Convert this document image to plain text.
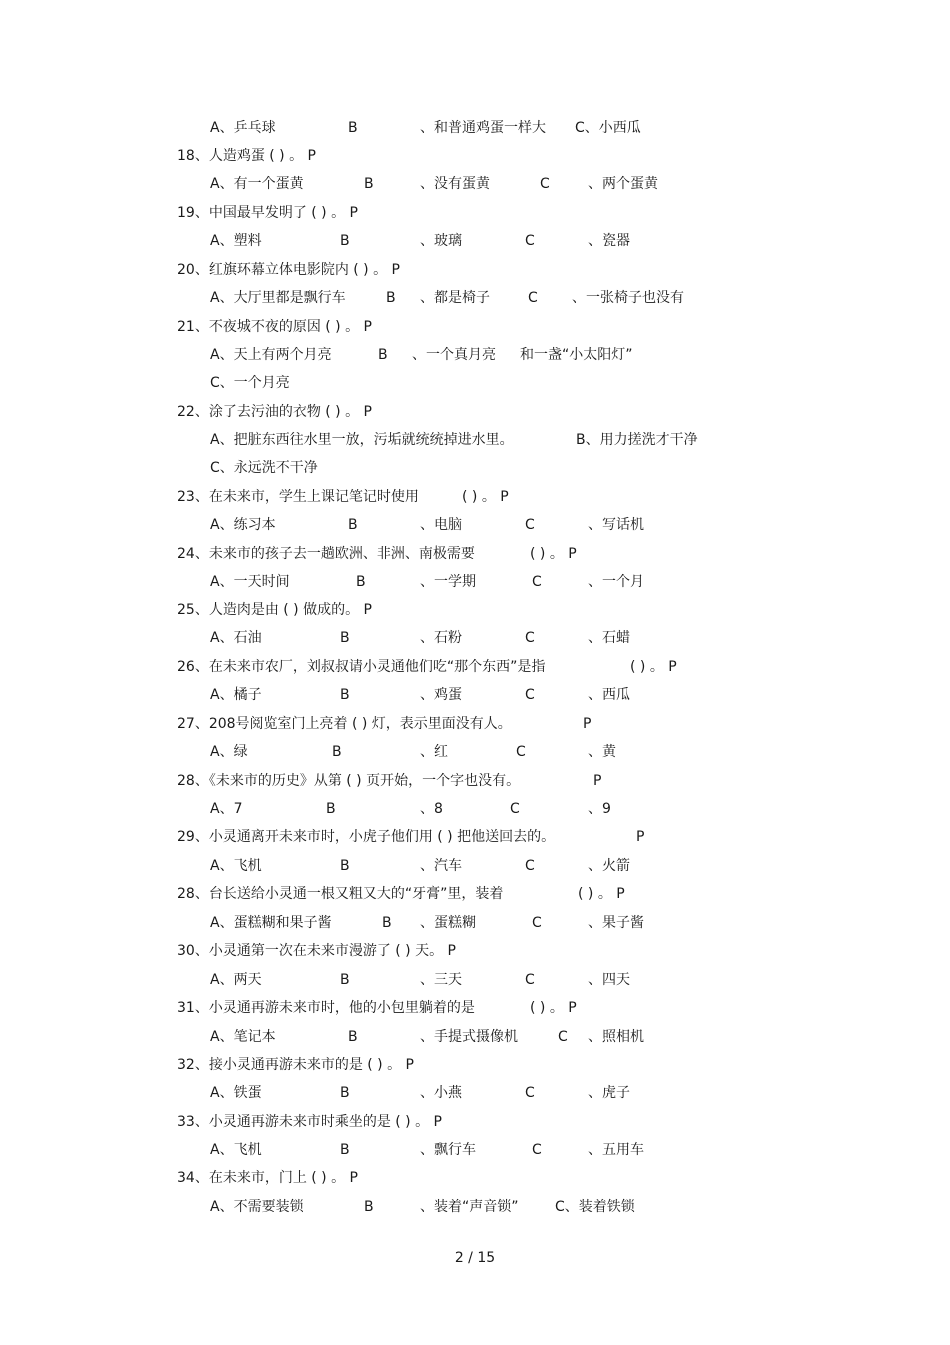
A、乒乓球	B	、和普通鸡蛋一样大 C、小西瓜
18、人造鸡蛋 ( ) 。 P
A、有一个蛋黄	B	、没有蛋黄	C	、两个蛋黄
19、中国最早发明了 ( ) 。 P
A、塑料	B	、玻璃	C	、瓷器
20、红旗环幕立体电影院内 ( ) 。 P
A、大厅里都是飘行车	B 、都是椅子	C 、一张椅子也没有
21、不夜城不夜的原因 ( ) 。 P
A、天上有两个月亮	B 、一个真月亮 和一盏“小太阳灯”
C、一个月亮
22、涂了去污油的衣物 ( ) 。 P
A、把脏东西往水里一放，污垢就统统掉进水里。	B、用力搓洗才干净
C、永远洗不干净
23、在未来市，学生上课记笔记时使用	( ) 。 P
A、练习本	B	、电脑	C	、写话机
24、未来市的孩子去一趟欧洲、非洲、南极需要	( ) 。 P
A、一天时间	B	、一学期	C	、一个月
25、人造肉是由 ( ) 做成的。 P
A、石油	B	、石粉	C	、石蜡
26、在未来市农厂，刘叔叔请小灵通他们吃“那个东西”是指	( ) 。 P
A、橘子	B	、鸡蛋	C	、西瓜
27、208号阅览室门上亮着 ( ) 灯，表示里面没有人。	P
A、绿	B	、红	C	、黄
28、《未来市的历史》从第 ( ) 页开始，一个字也没有。	P
A、7	B	、8	C	、9
29、小灵通离开未来市时，小虎子他们用 ( ) 把他送回去的。	P
A、飞机	B	、汽车	C	、火箭
28、台长送给小灵通一根又粗又大的“牙膏”里，装着	( ) 。 P
A、蛋糕糊和果子酱	B 、蛋糕糊	C	、果子酱
30、小灵通第一次在未来市漫游了 ( ) 天。 P
A、两天	B	、三天	C	、四天
31、小灵通再游未来市时，他的小包里躺着的是	( ) 。 P
A、笔记本	B	、手提式摄像机	C 、照相机
32、接小灵通再游未来市的是 ( ) 。 P
A、铁蛋	B	、小燕	C	、虎子
33、小灵通再游未来市时乘坐的是 ( ) 。 P
A、飞机	B	、飘行车	C	、五用车
34、在未来市，门上 ( ) 。 P
A、不需要装锁	B	、装着“声音锁”	C、装着铁锁
2 / 15
